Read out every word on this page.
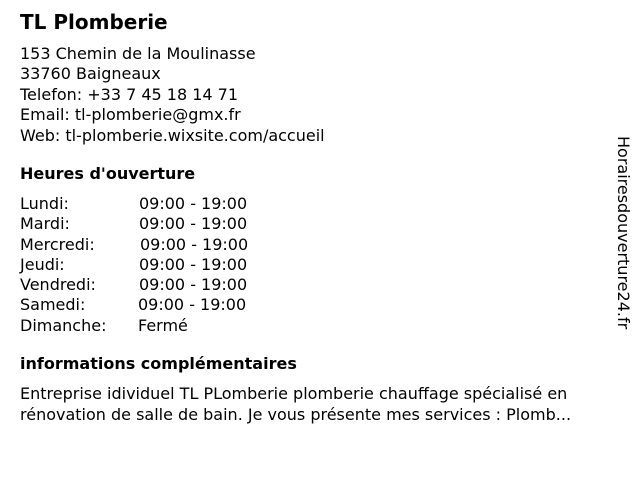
TL Plomberie
153 Chemin de la Moulinasse
33760 Baigneaux
Telefon: +33 7 45 18 14 71
Email: tl-plomberie@gmx.fr
Web: tl-plomberie.wixsite.com/accueil
Heures d'ouverture
Lundi:	09:00 - 19:00
Mardi:	09:00 - 19:00
Mercredi:	09:00 - 19:00
Jeudi:	09:00 - 19:00
Vendredi:	09:00 - 19:00
Samedi:	09:00 - 19:00
Dimanche: Fermé
informations complémentaires
Entreprise idividuel TL PLomberie plomberie chauffage spécialisé en
rénovation de salle de bain. Je vous présente mes services : Plomb...
Horairesdouverture24.fr
